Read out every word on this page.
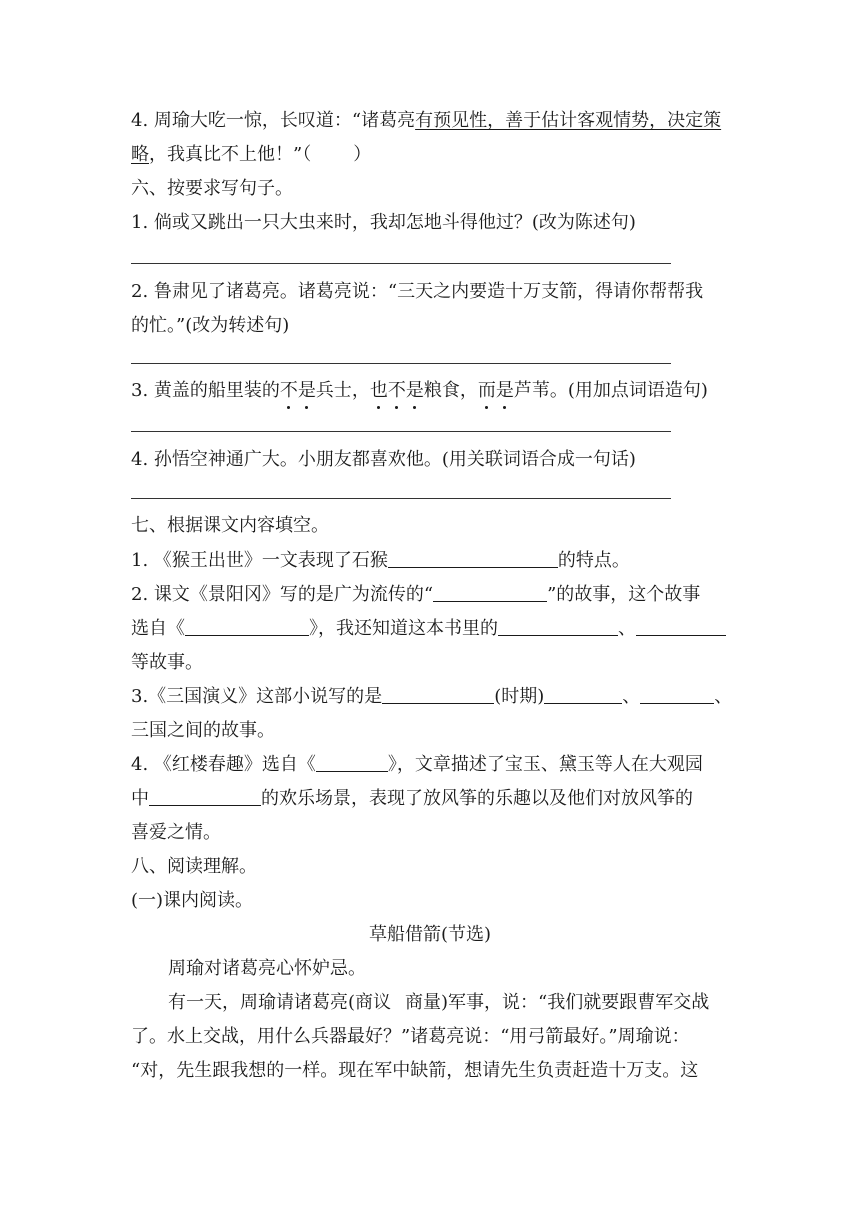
4. 周瑜大吃一惊，长叹道：“诸葛亮有预见性，善于估计客观情势，决定策
略，我真比不上他！”（ ）
六、按要求写句子。
1. 倘或又跳出一只大虫来时，我却怎地斗得他过？(改为陈述句)
2. 鲁肃见了诸葛亮。诸葛亮说：“三天之内要造十万支箭，得请你帮帮我
的忙。”(改为转述句)
3. 黄盖的船里装的不是兵士，也不是粮食，而是芦苇。(用加点词语造句)
4. 孙悟空神通广大。小朋友都喜欢他。(用关联词语合成一句话)
七、根据课文内容填空。
1. 《猴王出世》一文表现了石猴	的特点。
2. 课文《景阳冈》写的是广为流传的“	”的故事，这个故事
选自《	》，我还知道这本书里的	、
等故事。
3.《三国演义》这部小说写的是	(时期)	、	、
三国之间的故事。
4. 《红楼春趣》选自《	》，文章描述了宝玉、黛玉等人在大观园
中	的欢乐场景，表现了放风筝的乐趣以及他们对放风筝的
喜爱之情。
八、阅读理解。
(一)课内阅读。
草船借箭(节选)
周瑜对诸葛亮心怀妒忌。
有一天，周瑜请诸葛亮(商议 商量)军事，说：“我们就要跟曹军交战
了。水上交战，用什么兵器最好？”诸葛亮说：“用弓箭最好。”周瑜说：
“对，先生跟我想的一样。现在军中缺箭，想请先生负责赶造十万支。这
